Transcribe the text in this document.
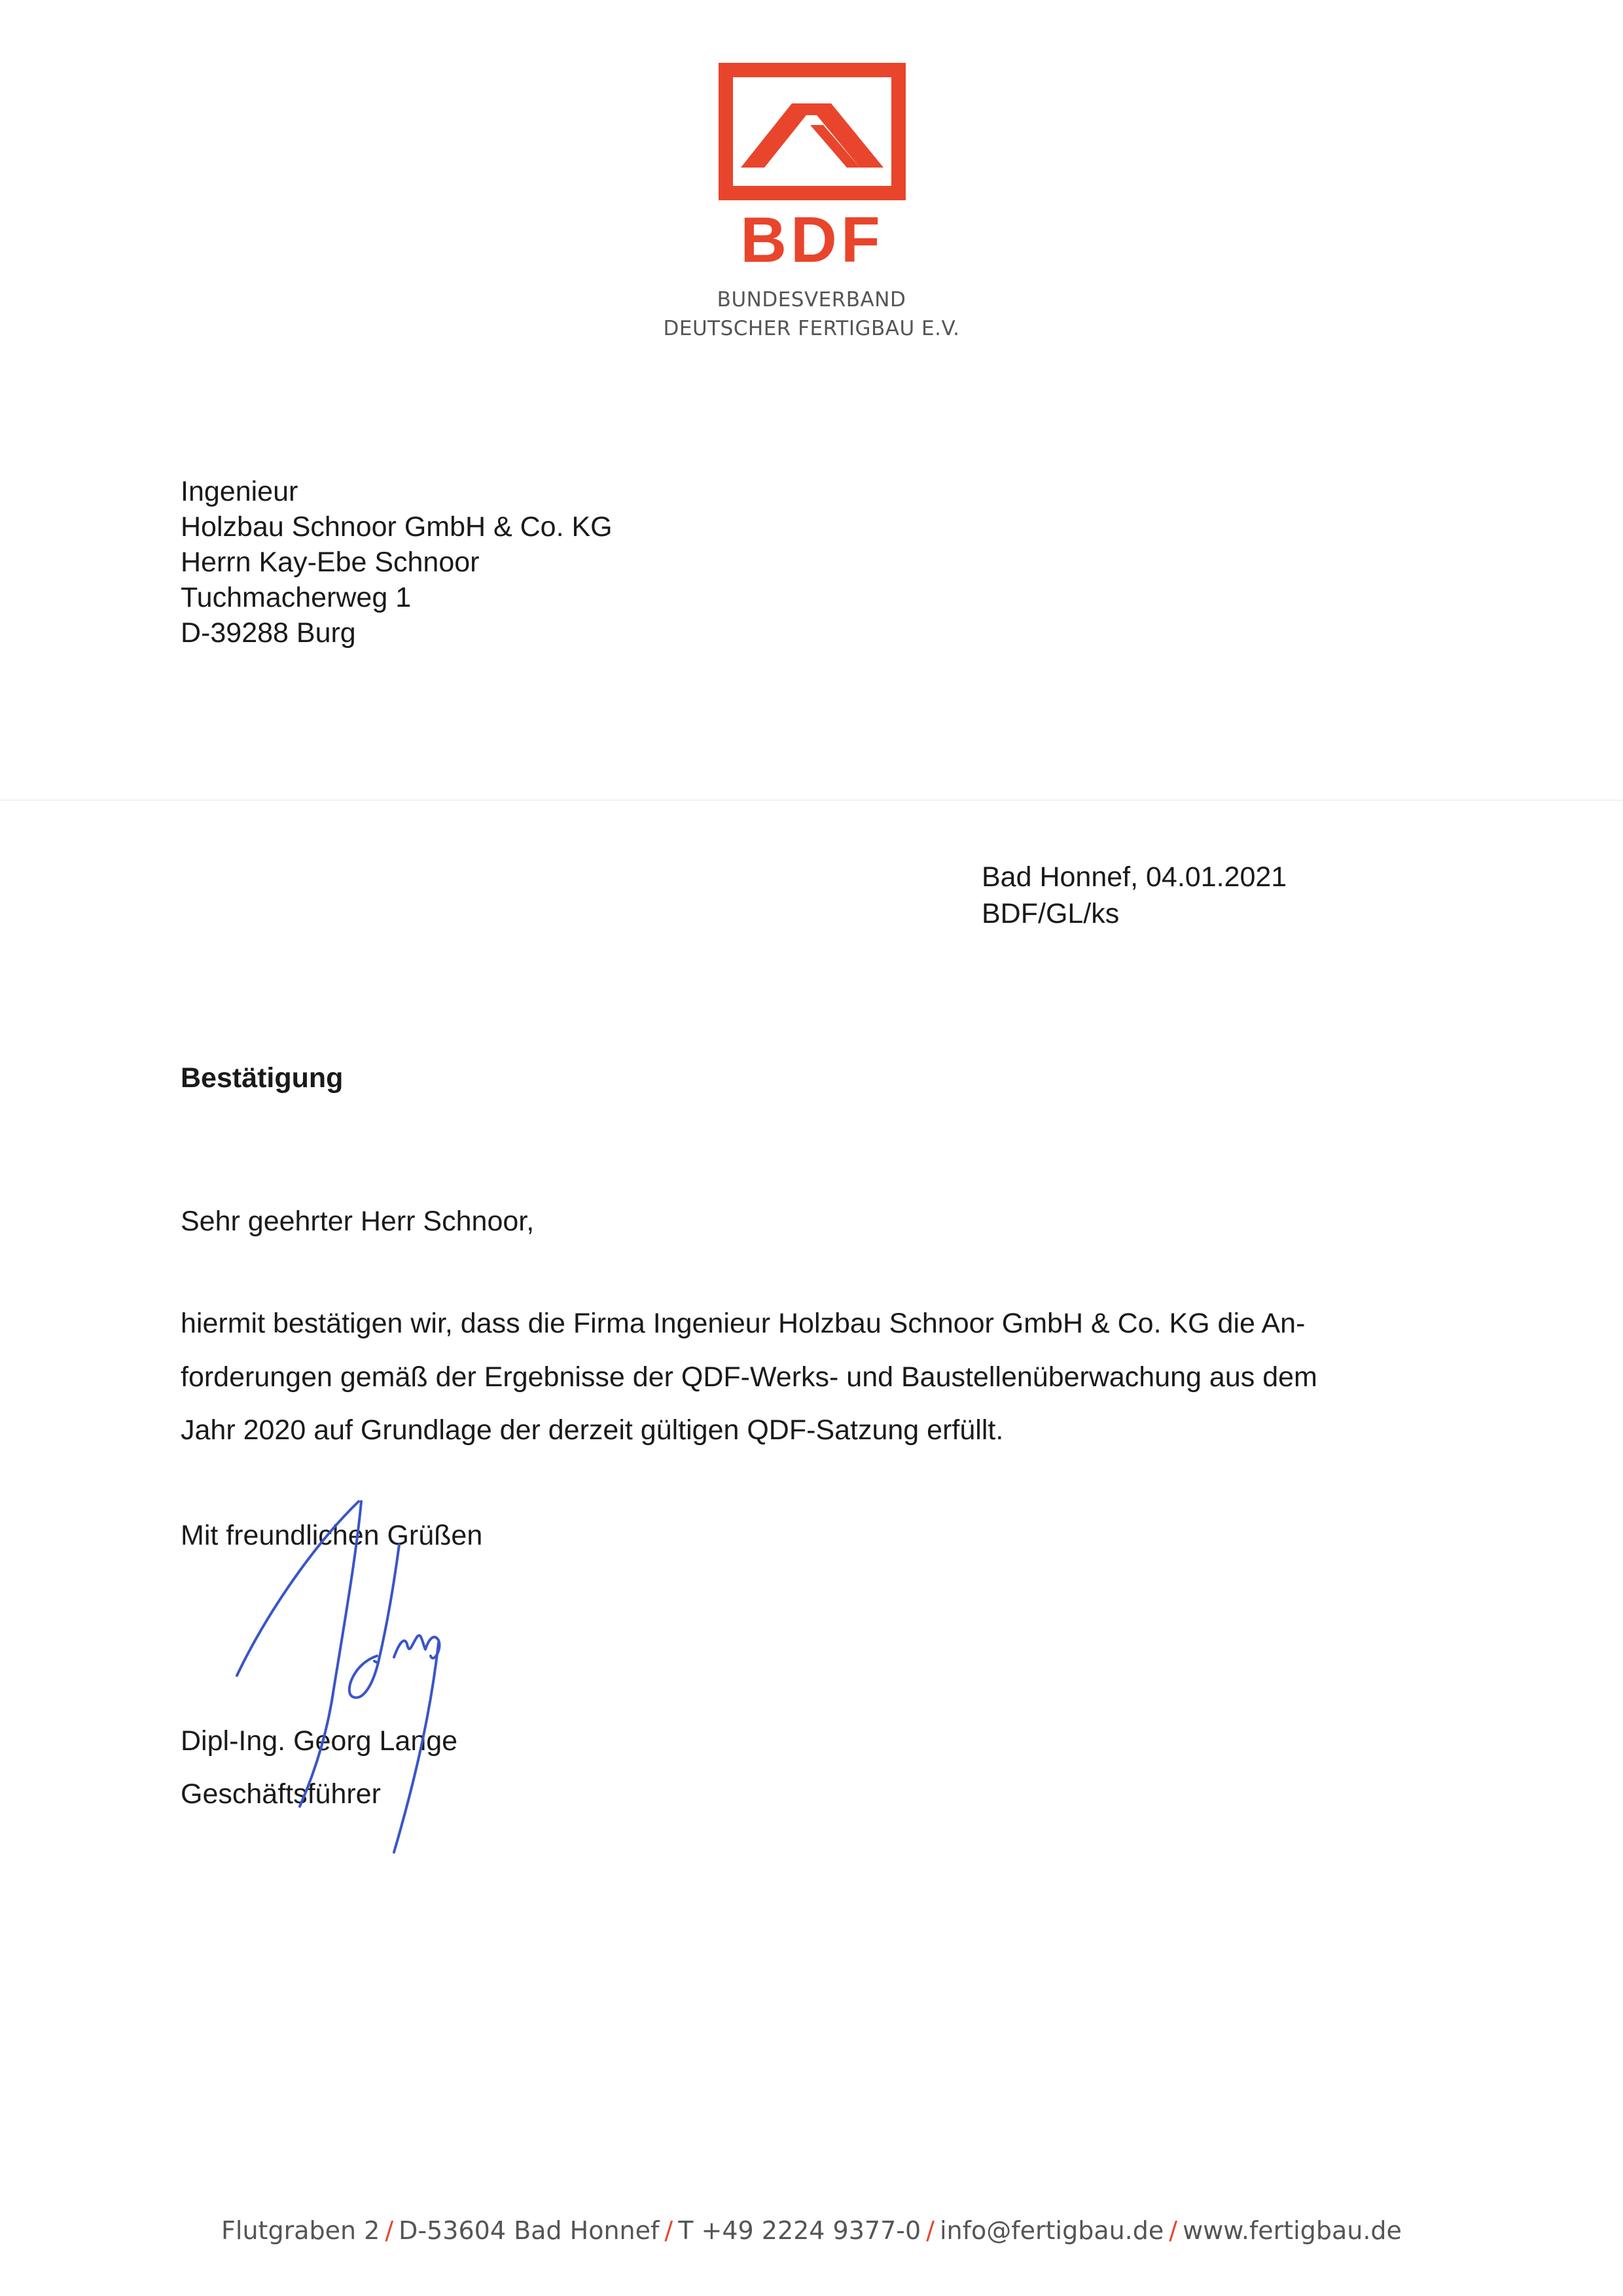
BDF
BUNDESVERBAND
DEUTSCHER FERTIGBAU E.V.
Ingenieur
Holzbau Schnoor GmbH & Co. KG
Herrn Kay-Ebe Schnoor
Tuchmacherweg 1
D-39288 Burg
Bad Honnef, 04.01.2021
BDF/GL/ks
Bestätigung
Sehr geehrter Herr Schnoor,
hiermit bestätigen wir, dass die Firma Ingenieur Holzbau Schnoor GmbH & Co. KG die An-
forderungen gemäß der Ergebnisse der QDF-Werks- und Baustellenüberwachung aus dem
Jahr 2020 auf Grundlage der derzeit gültigen QDF-Satzung erfüllt.
Mit freundlichen Grüßen
Dipl-Ing. Georg Lange
Geschäftsführer
Flutgraben 2 / D-53604 Bad Honnef / T +49 2224 9377-0 / info@fertigbau.de / www.fertigbau.de
